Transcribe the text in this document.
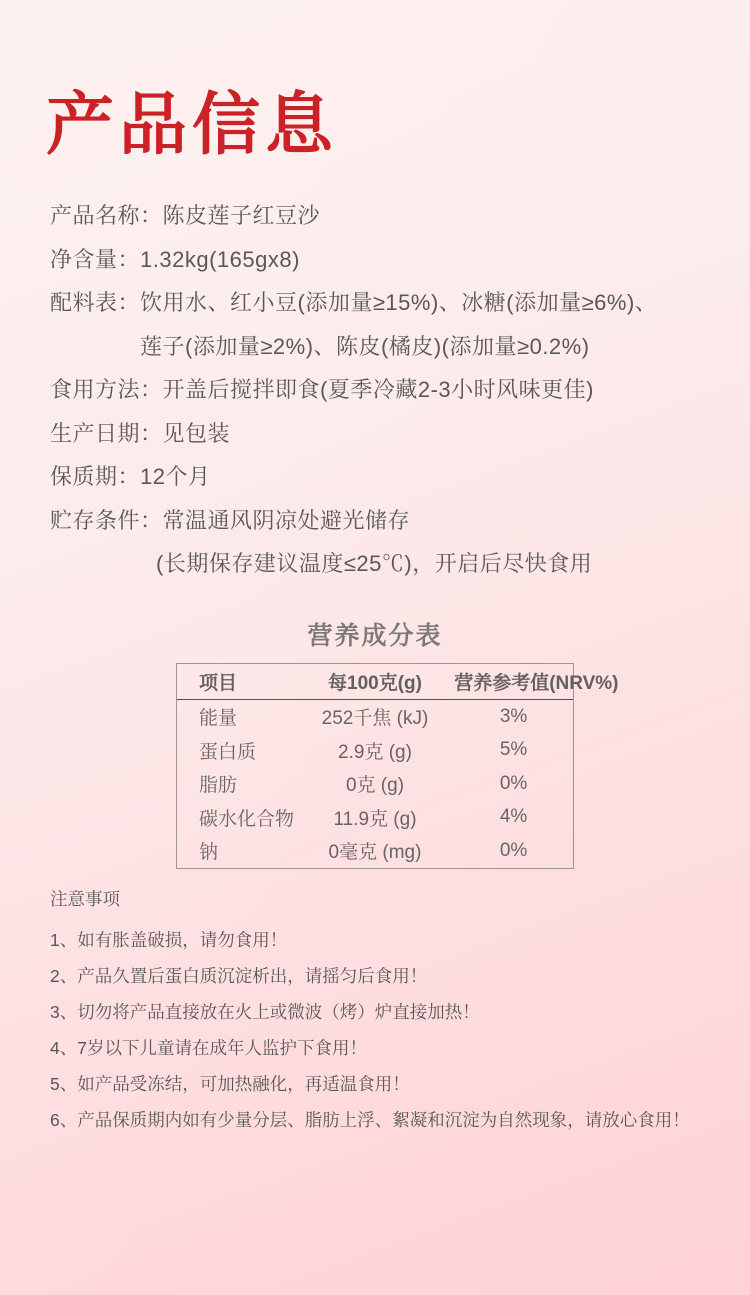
产品信息
产品名称：陈皮莲子红豆沙
净含量：1.32kg(165gx8)
配料表：饮用水、红小豆(添加量≥15%)、冰糖(添加量≥6%)、
莲子(添加量≥2%)、陈皮(橘皮)(添加量≥0.2%)
食用方法：开盖后搅拌即食(夏季冷藏2-3小时风味更佳)
生产日期：见包装
保质期：12个月
贮存条件：常温通风阴凉处避光储存
(长期保存建议温度≤25℃)，开启后尽快食用
营养成分表
项目	每100克(g)	营养参考值(NRV%)
能量	252千焦 (kJ)	3%
蛋白质	2.9克 (g)	5%
脂肪	0克 (g)	0%
碳水化合物	11.9克 (g)	4%
钠	0毫克 (mg)	0%
注意事项
1、如有胀盖破损，请勿食用！
2、产品久置后蛋白质沉淀析出，请摇匀后食用！
3、切勿将产品直接放在火上或微波（烤）炉直接加热！
4、7岁以下儿童请在成年人监护下食用！
5、如产品受冻结，可加热融化，再适温食用！
6、产品保质期内如有少量分层、脂肪上浮、絮凝和沉淀为自然现象，请放心食用！
